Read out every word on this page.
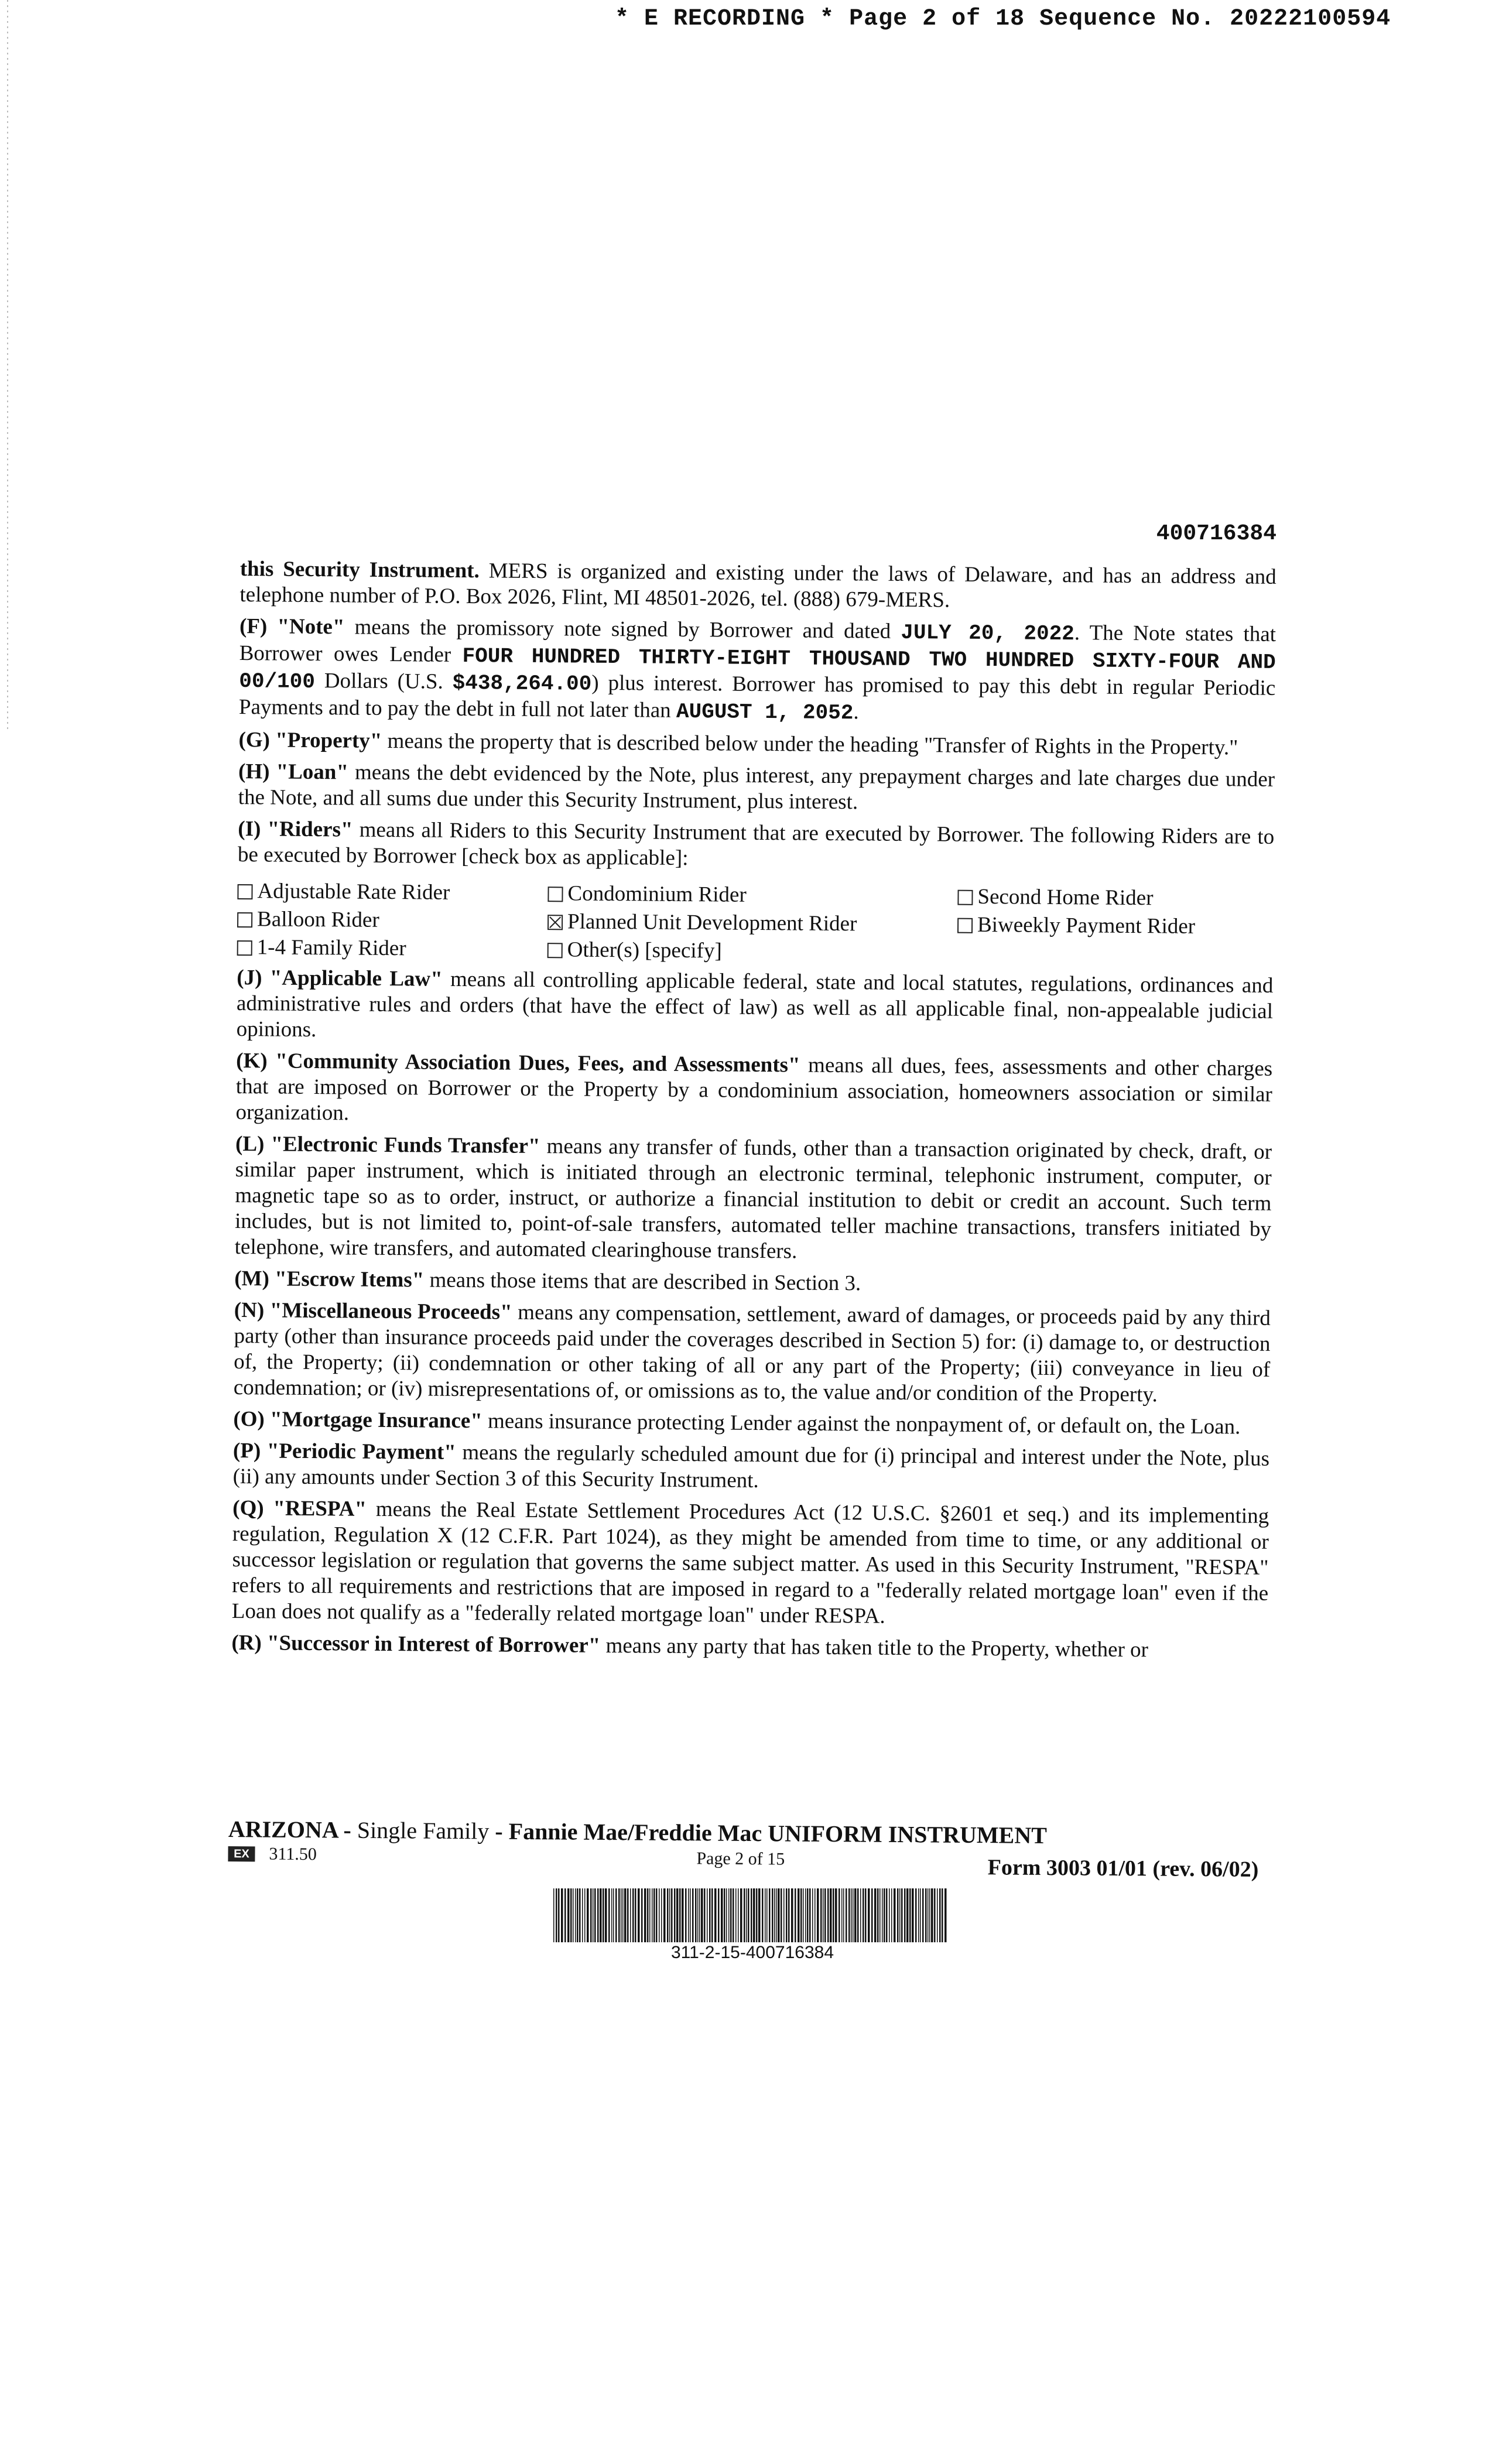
* E RECORDING * Page 2 of 18 Sequence No. 20222100594
400716384

this Security Instrument. MERS is organized and existing under the laws of Delaware, and has an address and telephone number of P.O. Box 2026, Flint, MI 48501-2026, tel. (888) 679-MERS.

(F) "Note" means the promissory note signed by Borrower and dated JULY 20, 2022. The Note states that Borrower owes Lender FOUR HUNDRED THIRTY-EIGHT THOUSAND TWO HUNDRED SIXTY-FOUR AND 00/100 Dollars (U.S. $438,264.00) plus interest. Borrower has promised to pay this debt in regular Periodic Payments and to pay the debt in full not later than AUGUST 1, 2052.

(G) "Property" means the property that is described below under the heading "Transfer of Rights in the Property."

(H) "Loan" means the debt evidenced by the Note, plus interest, any prepayment charges and late charges due under the Note, and all sums due under this Security Instrument, plus interest.

(I) "Riders" means all Riders to this Security Instrument that are executed by Borrower. The following Riders are to be executed by Borrower [check box as applicable]:

Adjustable Rate Rider	Condominium Rider	Second Home Rider
Balloon Rider	Planned Unit Development Rider	Biweekly Payment Rider
1-4 Family Rider	Other(s) [specify]

(J) "Applicable Law" means all controlling applicable federal, state and local statutes, regulations, ordinances and administrative rules and orders (that have the effect of law) as well as all applicable final, non-appealable judicial opinions.

(K) "Community Association Dues, Fees, and Assessments" means all dues, fees, assessments and other charges that are imposed on Borrower or the Property by a condominium association, homeowners association or similar organization.

(L) "Electronic Funds Transfer" means any transfer of funds, other than a transaction originated by check, draft, or similar paper instrument, which is initiated through an electronic terminal, telephonic instrument, computer, or magnetic tape so as to order, instruct, or authorize a financial institution to debit or credit an account. Such term includes, but is not limited to, point-of-sale transfers, automated teller machine transactions, transfers initiated by telephone, wire transfers, and automated clearinghouse transfers.

(M) "Escrow Items" means those items that are described in Section 3.

(N) "Miscellaneous Proceeds" means any compensation, settlement, award of damages, or proceeds paid by any third party (other than insurance proceeds paid under the coverages described in Section 5) for: (i) damage to, or destruction of, the Property; (ii) condemnation or other taking of all or any part of the Property; (iii) conveyance in lieu of condemnation; or (iv) misrepresentations of, or omissions as to, the value and/or condition of the Property.

(O) "Mortgage Insurance" means insurance protecting Lender against the nonpayment of, or default on, the Loan.

(P) "Periodic Payment" means the regularly scheduled amount due for (i) principal and interest under the Note, plus (ii) any amounts under Section 3 of this Security Instrument.

(Q) "RESPA" means the Real Estate Settlement Procedures Act (12 U.S.C. §2601 et seq.) and its implementing regulation, Regulation X (12 C.F.R. Part 1024), as they might be amended from time to time, or any additional or successor legislation or regulation that governs the same subject matter. As used in this Security Instrument, "RESPA" refers to all requirements and restrictions that are imposed in regard to a "federally related mortgage loan" even if the Loan does not qualify as a "federally related mortgage loan" under RESPA.

(R) "Successor in Interest of Borrower" means any party that has taken title to the Property, whether or

ARIZONA - Single Family - Fannie Mae/Freddie Mac UNIFORM INSTRUMENT
EX	311.50	Page 2 of 15	Form 3003 01/01 (rev. 06/02)
311-2-15-400716384
